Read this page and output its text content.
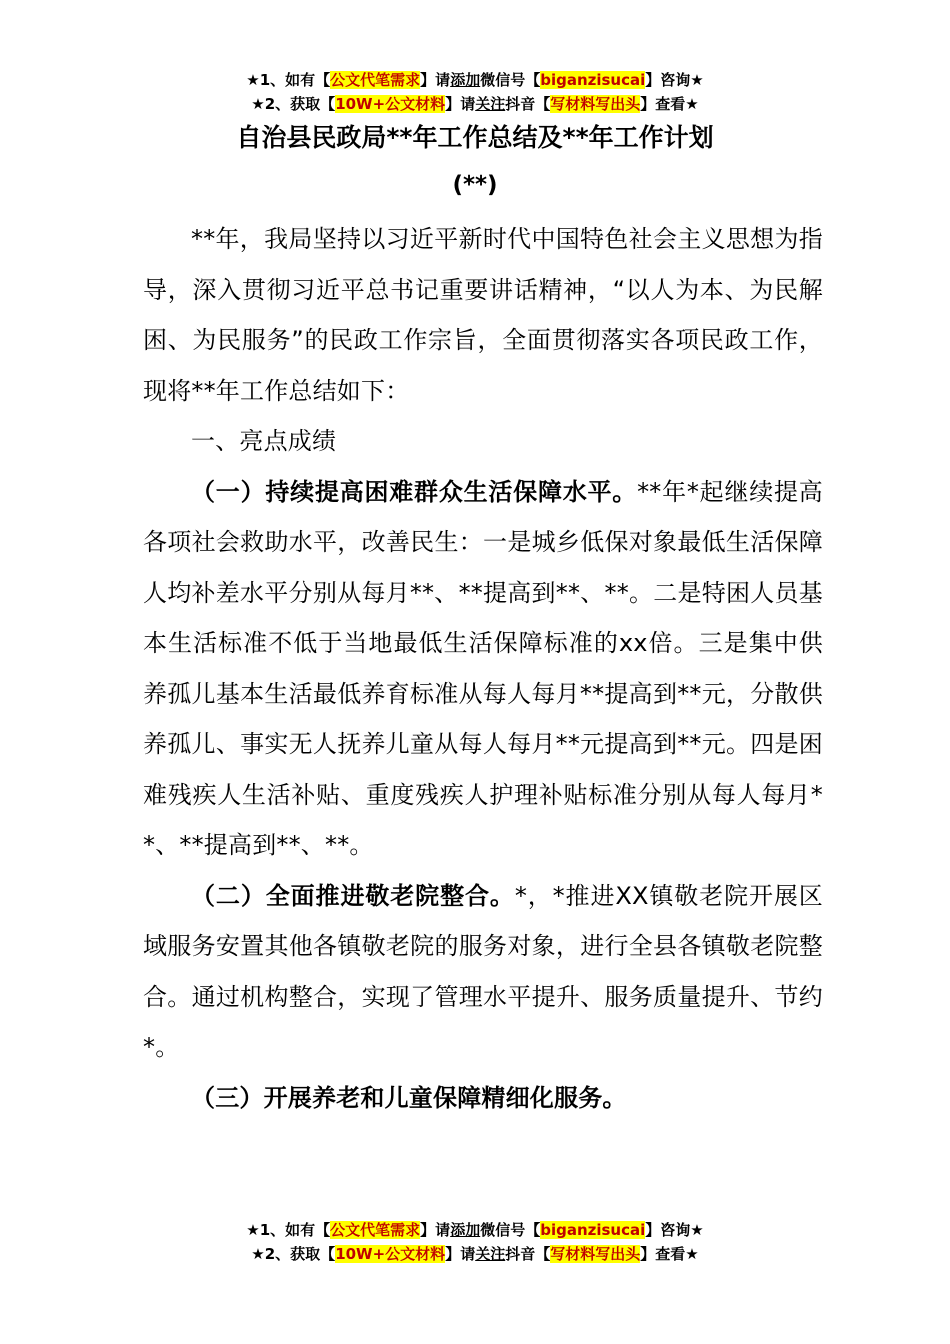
★1、如有【公文代笔需求】请添加微信号【biganzisucai】咨询★
★2、获取【10W+公文材料】请关注抖音【写材料写出头】查看★
自治县民政局**年工作总结及**年工作计划
(**)

**年，我局坚持以习近平新时代中国特色社会主义思想为指导，深入贯彻习近平总书记重要讲话精神，“以人为本、为民解困、为民服务”的民政工作宗旨，全面贯彻落实各项民政工作，现将**年工作总结如下：

一、亮点成绩

（一）持续提高困难群众生活保障水平。**年*起继续提高各项社会救助水平，改善民生：一是城乡低保对象最低生活保障人均补差水平分别从每月**、**提高到**、**。二是特困人员基本生活标准不低于当地最低生活保障标准的xx倍。三是集中供养孤儿基本生活最低养育标准从每人每月**提高到**元，分散供养孤儿、事实无人抚养儿童从每人每月**元提高到**元。四是困难残疾人生活补贴、重度残疾人护理补贴标准分别从每人每月**、**提高到**、**。

（二）全面推进敬老院整合。*，*推进XX镇敬老院开展区域服务安置其他各镇敬老院的服务对象，进行全县各镇敬老院整合。通过机构整合，实现了管理水平提升、服务质量提升、节约*。

（三）开展养老和儿童保障精细化服务。

★1、如有【公文代笔需求】请添加微信号【biganzisucai】咨询★
★2、获取【10W+公文材料】请关注抖音【写材料写出头】查看★
